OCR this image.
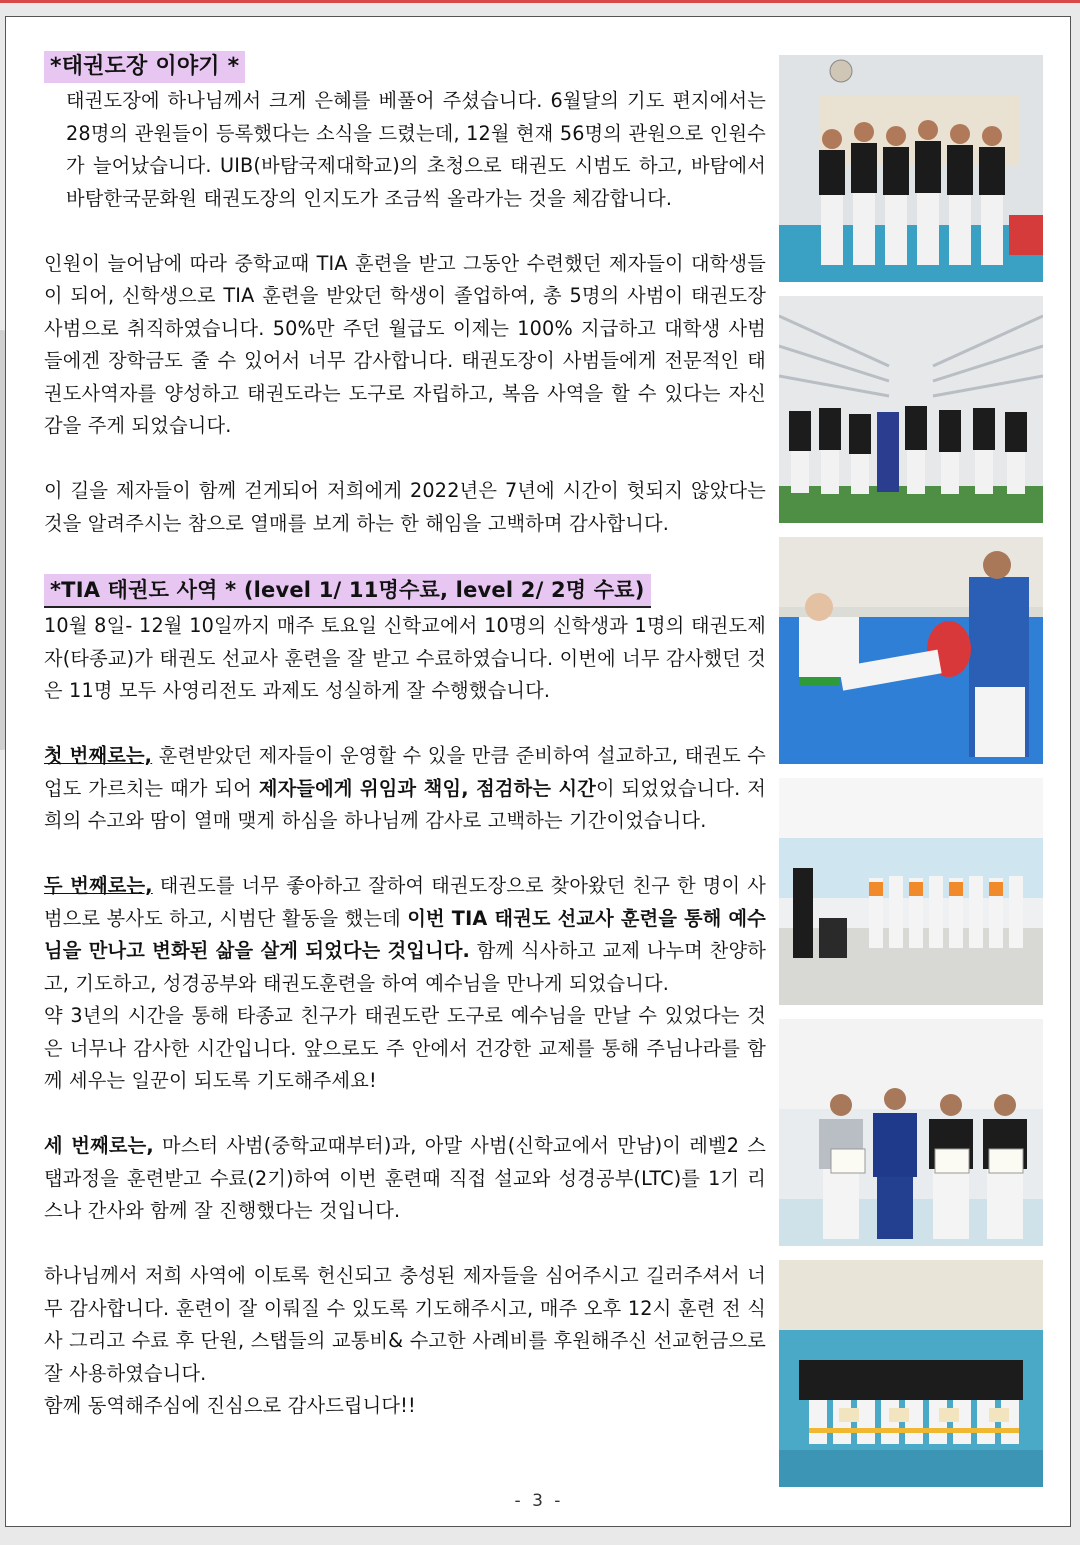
*태권도장 이야기 *

태권도장에 하나님께서 크게 은혜를 베풀어 주셨습니다. 6월달의 기도 편지에서는 28명의 관원들이 등록했다는 소식을 드렸는데, 12월 현재 56명의 관원으로 인원수가 늘어났습니다. UIB(바탐국제대학교)의 초청으로 태권도 시범도 하고, 바탐에서 바탐한국문화원 태권도장의 인지도가 조금씩 올라가는 것을 체감합니다.

인원이 늘어남에 따라 중학교때 TIA 훈련을 받고 그동안 수련했던 제자들이 대학생들이 되어, 신학생으로 TIA 훈련을 받았던 학생이 졸업하여, 총 5명의 사범이 태권도장 사범으로 취직하였습니다. 50%만 주던 월급도 이제는 100% 지급하고 대학생 사범들에겐 장학금도 줄 수 있어서 너무 감사합니다. 태권도장이 사범들에게 전문적인 태권도사역자를 양성하고 태권도라는 도구로 자립하고, 복음 사역을 할 수 있다는 자신감을 주게 되었습니다.

이 길을 제자들이 함께 걷게되어 저희에게 2022년은 7년에 시간이 헛되지 않았다는 것을 알려주시는 참으로 열매를 보게 하는 한 해임을 고백하며 감사합니다.

*TIA 태권도 사역 * (level 1/ 11명수료, level 2/ 2명 수료)

10월 8일- 12월 10일까지 매주 토요일 신학교에서 10명의 신학생과 1명의 태권도제자(타종교)가 태권도 선교사 훈련을 잘 받고 수료하였습니다. 이번에 너무 감사했던 것은 11명 모두 사영리전도 과제도 성실하게 잘 수행했습니다.

첫 번째로는, 훈련받았던 제자들이 운영할 수 있을 만큼 준비하여 설교하고, 태권도 수업도 가르치는 때가 되어 제자들에게 위임과 책임, 점검하는 시간이 되었었습니다. 저희의 수고와 땀이 열매 맺게 하심을 하나님께 감사로 고백하는 기간이었습니다.

두 번째로는, 태권도를 너무 좋아하고 잘하여 태권도장으로 찾아왔던 친구 한 명이 사범으로 봉사도 하고, 시범단 활동을 했는데 이번 TIA 태권도 선교사 훈련을 통해 예수님을 만나고 변화된 삶을 살게 되었다는 것입니다. 함께 식사하고 교제 나누며 찬양하고, 기도하고, 성경공부와 태권도훈련을 하여 예수님을 만나게 되었습니다.

약 3년의 시간을 통해 타종교 친구가 태권도란 도구로 예수님을 만날 수 있었다는 것은 너무나 감사한 시간입니다. 앞으로도 주 안에서 건강한 교제를 통해 주님나라를 함께 세우는 일꾼이 되도록 기도해주세요!

세 번째로는, 마스터 사범(중학교때부터)과, 아말 사범(신학교에서 만남)이 레벨2 스탭과정을 훈련받고 수료(2기)하여 이번 훈련때 직접 설교와 성경공부(LTC)를 1기 리스나 간사와 함께 잘 진행했다는 것입니다.

하나님께서 저희 사역에 이토록 헌신되고 충성된 제자들을 심어주시고 길러주셔서 너무 감사합니다. 훈련이 잘 이뤄질 수 있도록 기도해주시고, 매주 오후 12시 훈련 전 식사 그리고 수료 후 단원, 스탭들의 교통비& 수고한 사례비를 후원해주신 선교헌금으로 잘 사용하였습니다.

함께 동역해주심에 진심으로 감사드립니다!!

- 3 -
